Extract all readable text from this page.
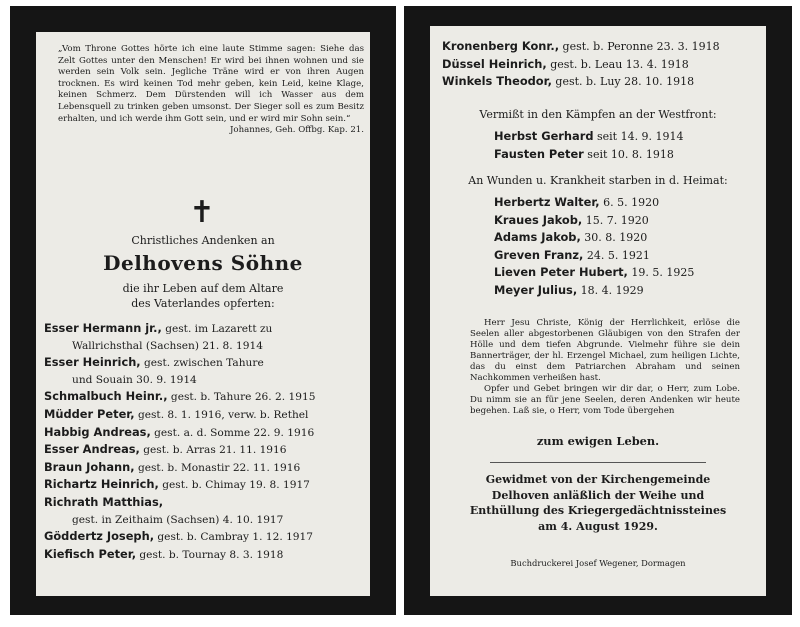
„Vom Throne Gottes hörte ich eine laute Stimme sagen: Siehe das Zelt Gottes unter den Menschen! Er wird bei ihnen wohnen und sie werden sein Volk sein. Jegliche Träne wird er von ihren Augen trocknen. Es wird keinen Tod mehr geben, kein Leid, keine Klage, keinen Schmerz. Dem Dürstenden will ich Wasser aus dem Lebensquell zu trinken geben umsonst. Der Sieger soll es zum Besitz erhalten, und ich werde ihm Gott sein, und er wird mir Sohn sein.“

Johannes, Geh. Offbg. Kap. 21.

✝
Christliches Andenken an
Delhovens Söhne
die ihr Leben auf dem Altare
des Vaterlandes opferten:
Esser Hermann jr., gest. im Lazarett zu
Wallrichsthal (Sachsen) 21. 8. 1914
Esser Heinrich, gest. zwischen Tahure
und Souain 30. 9. 1914
Schmalbuch Heinr., gest. b. Tahure 26. 2. 1915
Müdder Peter, gest. 8. 1. 1916, verw. b. Rethel
Habbig Andreas, gest. a. d. Somme 22. 9. 1916
Esser Andreas, gest. b. Arras 21. 11. 1916
Braun Johann, gest. b. Monastir 22. 11. 1916
Richartz Heinrich, gest. b. Chimay 19. 8. 1917
Richrath Matthias,
gest. in Zeithaim (Sachsen) 4. 10. 1917
Göddertz Joseph, gest. b. Cambray 1. 12. 1917
Kiefisch Peter, gest. b. Tournay 8. 3. 1918
Kronenberg Konr., gest. b. Peronne 23. 3. 1918
Düssel Heinrich, gest. b. Leau 13. 4. 1918
Winkels Theodor, gest. b. Luy 28. 10. 1918
Vermißt in den Kämpfen an der Westfront:
Herbst Gerhard seit 14. 9. 1914
Fausten Peter seit 10. 8. 1918
An Wunden u. Krankheit starben in d. Heimat:
Herbertz Walter, 6. 5. 1920
Kraues Jakob, 15. 7. 1920
Adams Jakob, 30. 8. 1920
Greven Franz, 24. 5. 1921
Lieven Peter Hubert, 19. 5. 1925
Meyer Julius, 18. 4. 1929

Herr Jesu Christe, König der Herrlichkeit, erlöse die Seelen aller abgestorbenen Gläubigen von den Strafen der Hölle und dem tiefen Abgrunde. Vielmehr führe sie dein Bannerträger, der hl. Erzengel Michael, zum heiligen Lichte, das du einst dem Patriarchen Abraham und seinen Nachkommen verheißen hast.

Opfer und Gebet bringen wir dir dar, o Herr, zum Lobe. Du nimm sie an für jene Seelen, deren Andenken wir heute begehen. Laß sie, o Herr, vom Tode übergehen

zum ewigen Leben.
Gewidmet von der Kirchengemeinde
Delhoven anläßlich der Weihe und
Enthüllung des Kriegergedächtnissteines
am 4. August 1929.
Buchdruckerei Josef Wegener, Dormagen
